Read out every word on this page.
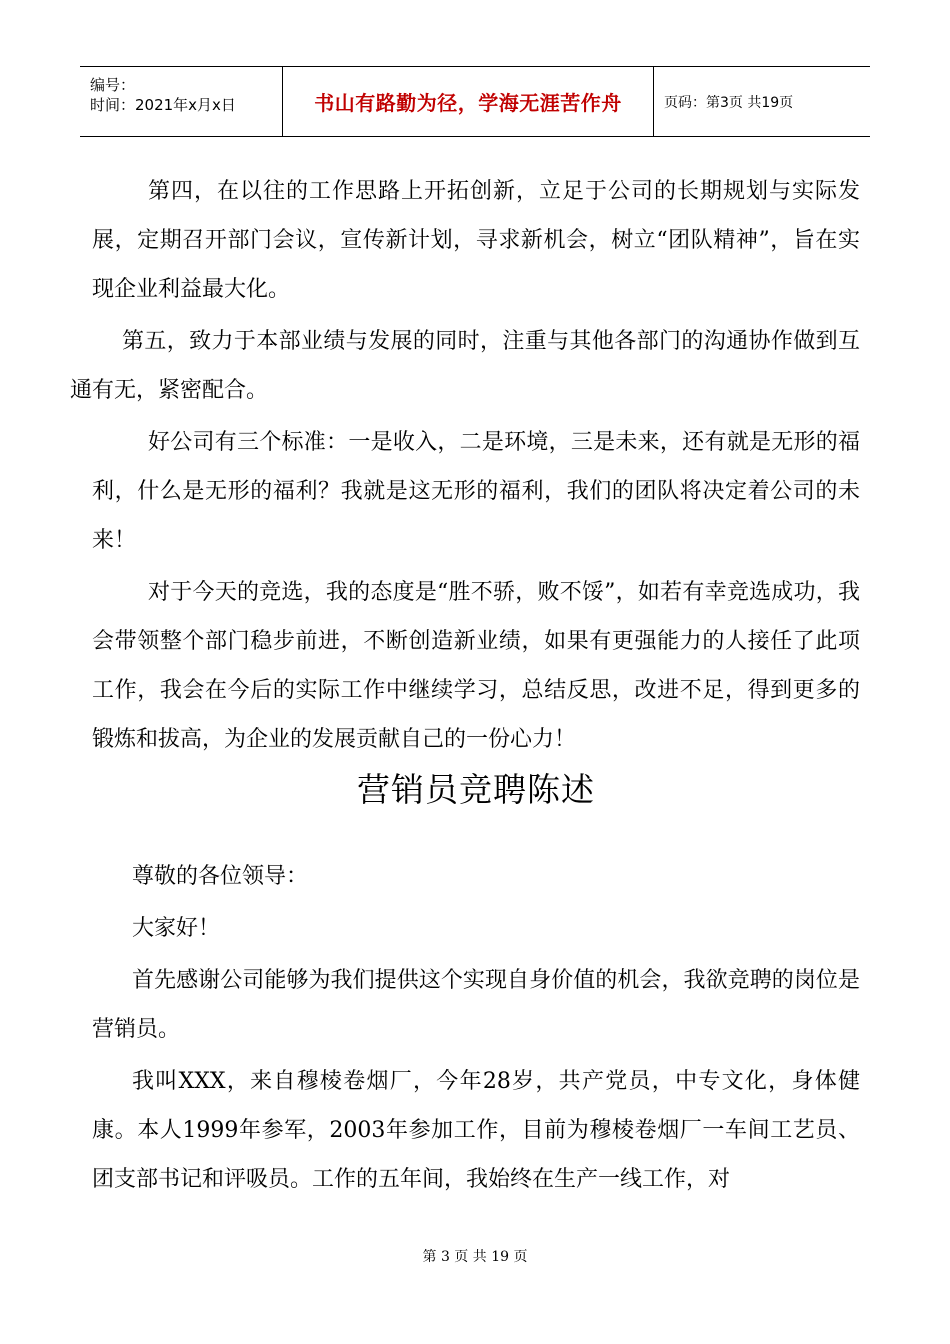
编号：
时间：2021年x月x日	书山有路勤为径，学海无涯苦作舟	页码：第3页 共19页

第四，在以往的工作思路上开拓创新，立足于公司的长期规划与实际发展，定期召开部门会议，宣传新计划，寻求新机会，树立“团队精神”，旨在实现企业利益最大化。

第五，致力于本部业绩与发展的同时，注重与其他各部门的沟通协作做到互通有无，紧密配合。

好公司有三个标准：一是收入，二是环境，三是未来，还有就是无形的福利，什么是无形的福利？我就是这无形的福利，我们的团队将决定着公司的未来！

对于今天的竞选，我的态度是“胜不骄，败不馁”，如若有幸竞选成功，我会带领整个部门稳步前进，不断创造新业绩，如果有更强能力的人接任了此项工作，我会在今后的实际工作中继续学习，总结反思，改进不足，得到更多的锻炼和拔高，为企业的发展贡献自己的一份心力！

营销员竞聘陈述

尊敬的各位领导：

大家好！

首先感谢公司能够为我们提供这个实现自身价值的机会，我欲竞聘的岗位是营销员。

我叫XXX，来自穆棱卷烟厂，今年28岁，共产党员，中专文化，身体健康。本人1999年参军，2003年参加工作，目前为穆棱卷烟厂一车间工艺员、团支部书记和评吸员。工作的五年间，我始终在生产一线工作，对

第 3 页 共 19 页
